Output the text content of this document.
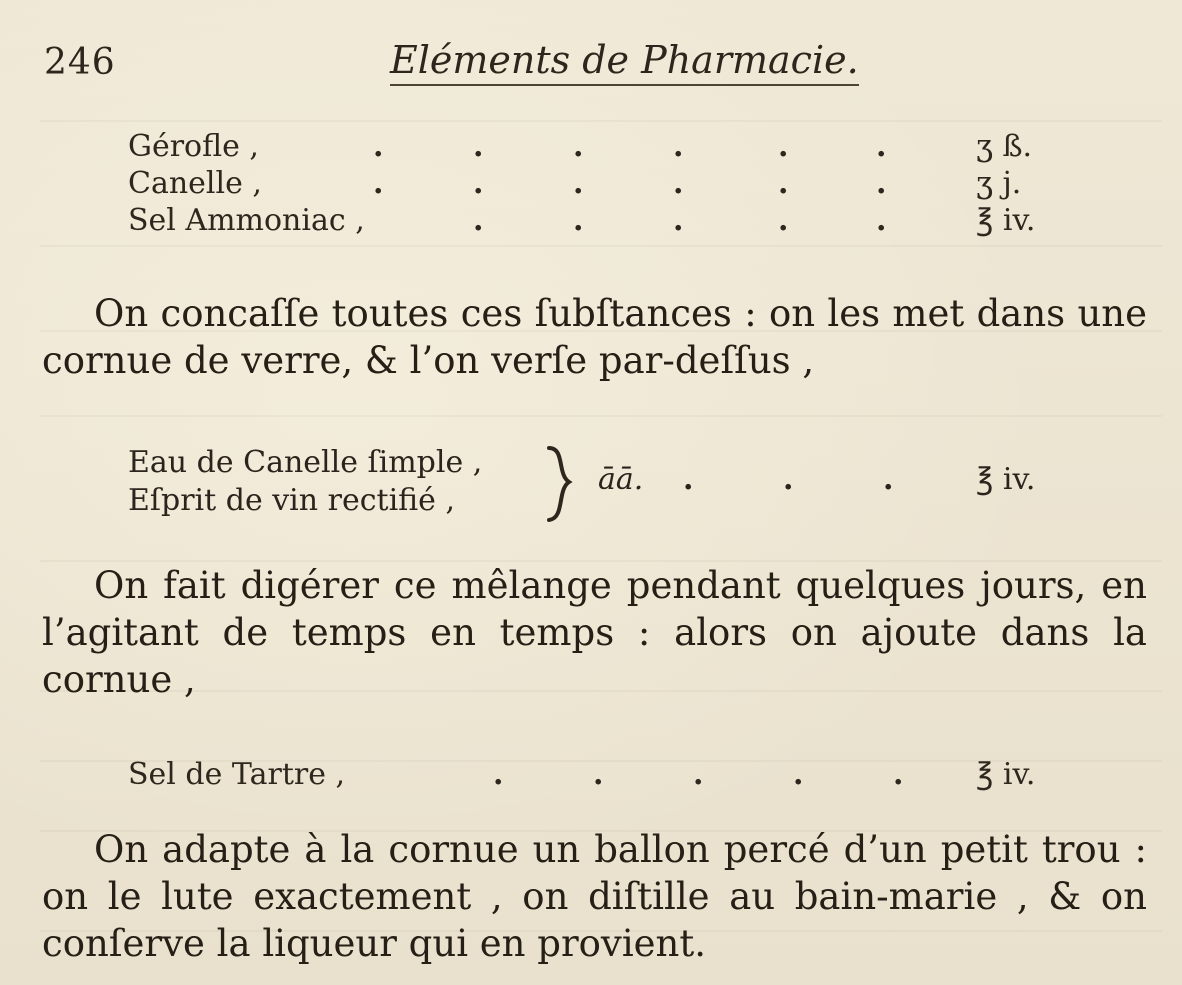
246	Eléments de Pharmacie.
Gérofle ,	.	.	.	.	.	.	ʒ ß.
Canelle ,	.	.	.	.	.	.	ʒ j.
Sel Ammoniac ,	.	.	.	.	.	℥ iv.

On concaſſe toutes ces ſubſtances : on les met dans une cornue de verre, & l’on verſe par-deſſus ,

Eau de Canelle ſimple ,
Eſprit de vin rectifié ,
āā. .	.	.	℥ iv.

On fait digérer ce mêlange pendant quelques jours, en l’agitant de temps en temps : alors on ajoute dans la cornue ,

Sel de Tartre ,	.	.	.	.	. ℥ iv.

On adapte à la cornue un ballon percé d’un petit trou : on le lute exactement , on diſtille au bain-marie , & on conſerve la liqueur qui en provient.
